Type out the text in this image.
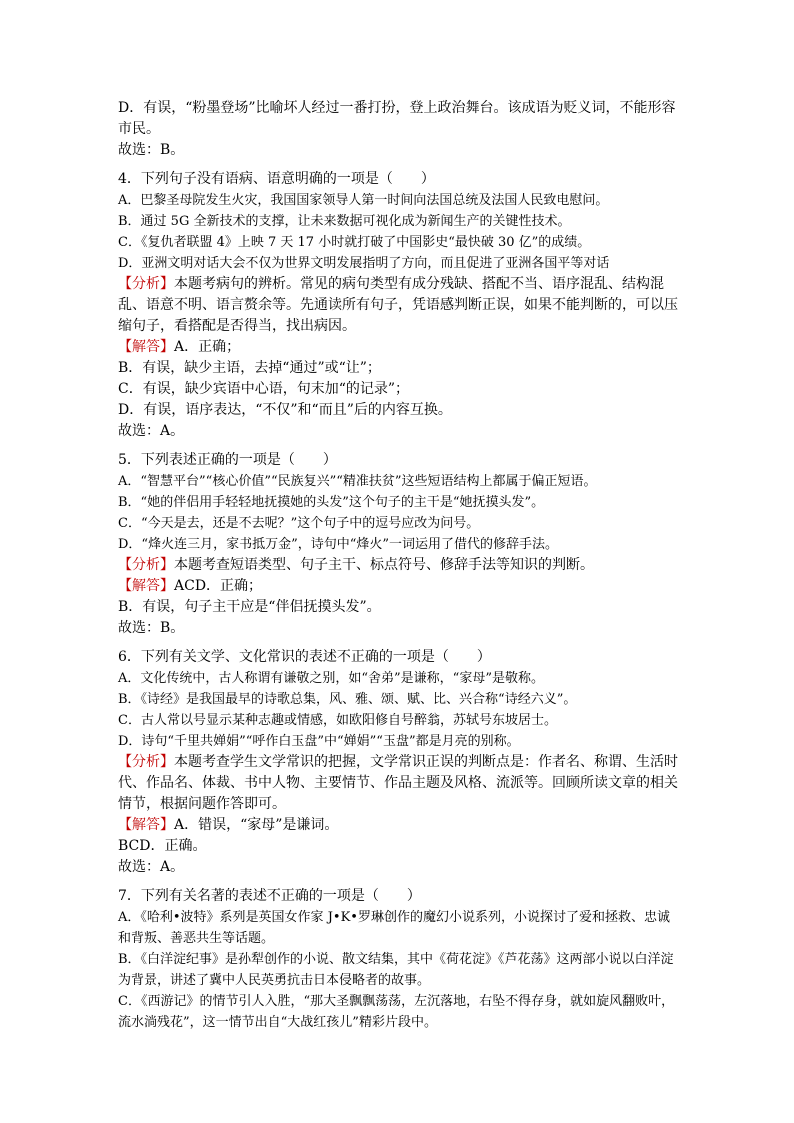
D．有误，“粉墨登场”比喻坏人经过一番打扮，登上政治舞台。该成语为贬义词，不能形容市民。

故选：B。

4．下列句子没有语病、语意明确的一项是（　　）

A．巴黎圣母院发生火灾，我国国家领导人第一时间向法国总统及法国人民致电慰问。

B．通过 5G 全新技术的支撑，让未来数据可视化成为新闻生产的关键性技术。

C．《复仇者联盟 4》上映 7 天 17 小时就打破了中国影史“最快破 30 亿”的成绩。

D．亚洲文明对话大会不仅为世界文明发展指明了方向，而且促进了亚洲各国平等对话

【分析】本题考病句的辨析。常见的病句类型有成分残缺、搭配不当、语序混乱、结构混乱、语意不明、语言赘余等。先通读所有句子，凭语感判断正误，如果不能判断的，可以压缩句子，看搭配是否得当，找出病因。

【解答】A．正确；

B．有误，缺少主语，去掉“通过”或“让”；

C．有误，缺少宾语中心语，句末加“的记录”；

D．有误，语序表达，“不仅”和“而且”后的内容互换。

故选：A。

5．下列表述正确的一项是（　　）

A．“智慧平台”“核心价值”“民族复兴”“精准扶贫”这些短语结构上都属于偏正短语。

B．“她的伴侣用手轻轻地抚摸她的头发”这个句子的主干是“她抚摸头发”。

C．“今天是去，还是不去呢？”这个句子中的逗号应改为问号。

D．“烽火连三月，家书抵万金”，诗句中“烽火”一词运用了借代的修辞手法。

【分析】本题考查短语类型、句子主干、标点符号、修辞手法等知识的判断。

【解答】ACD．正确；

B．有误，句子主干应是“伴侣抚摸头发”。

故选：B。

6．下列有关文学、文化常识的表述不正确的一项是（　　）

A．文化传统中，古人称谓有谦敬之别，如“舍弟”是谦称，“家母”是敬称。

B．《诗经》是我国最早的诗歌总集，风、雅、颂、赋、比、兴合称“诗经六义”。

C．古人常以号显示某种志趣或情感，如欧阳修自号醉翁，苏轼号东坡居士。

D．诗句“千里共婵娟”“呼作白玉盘”中“婵娟”“玉盘”都是月亮的别称。

【分析】本题考查学生文学常识的把握，文学常识正误的判断点是：作者名、称谓、生活时代、作品名、体裁、书中人物、主要情节、作品主题及风格、流派等。回顾所读文章的相关情节，根据问题作答即可。

【解答】A．错误，“家母”是谦词。

BCD．正确。

故选：A。

7．下列有关名著的表述不正确的一项是（　　）

A．《哈利•波特》系列是英国女作家 J•K•罗琳创作的魔幻小说系列，小说探讨了爱和拯救、忠诚和背叛、善恶共生等话题。

B．《白洋淀纪事》是孙犁创作的小说、散文结集，其中《荷花淀》《芦花荡》这两部小说以白洋淀为背景，讲述了冀中人民英勇抗击日本侵略者的故事。

C．《西游记》的情节引人入胜，“那大圣飘飘荡荡，左沉落地，右坠不得存身，就如旋风翻败叶，流水淌残花”，这一情节出自“大战红孩儿”精彩片段中。
